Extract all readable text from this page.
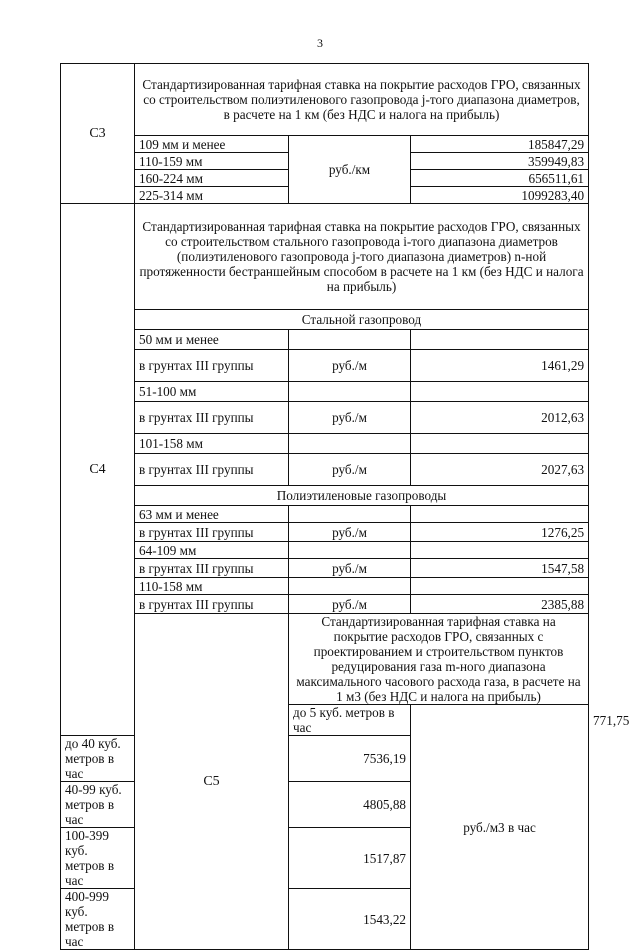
3
С3	Стандартизированная тарифная ставка на покрытие расходов ГРО, связанных со строительством полиэтиленового газопровода j-того диапазона диаметров, в расчете на 1 км (без НДС и налога на прибыль)			
	109 мм и менее	руб./км	185847,29	
	110-159 мм		359949,83	
	160-224 мм		656511,61	
	225-314 мм		1099283,40	
С4	Стандартизированная тарифная ставка на покрытие расходов ГРО, связанных со строительством стального газопровода i-того диапазона диаметров (полиэтиленового газопровода j-того диапазона диаметров) n-ной протяженности бестраншейным способом в расчете на 1 км (без НДС и налога на прибыль)			
	Стальной газопровод			
	50 мм и менее			
	в грунтах III группы	руб./м	1461,29	
	51-100 мм			
	в грунтах III группы	руб./м	2012,63	
	101-158 мм			
	в грунтах III группы	руб./м	2027,63	
	Полиэтиленовые газопроводы			
	63 мм и менее			
	в грунтах III группы	руб./м	1276,25	
	64-109 мм			
	в грунтах III группы	руб./м	1547,58	
	110-158 мм			
	в грунтах III группы	руб./м	2385,88	
	С5	Стандартизированная тарифная ставка на покрытие расходов ГРО, связанных с проектированием и строительством пунктов редуцирования газа m-ного диапазона максимального часового расхода газа, в расчете на 1 м3 (без НДС и налога на прибыль)		
		до 5 куб. метров в час	руб./м3 в час	771,75
до 40 куб. метров в час		7536,19		
40-99 куб. метров в час		4805,88		
100-399 куб. метров в час		1517,87		
400-999 куб. метров в час		1543,22		
